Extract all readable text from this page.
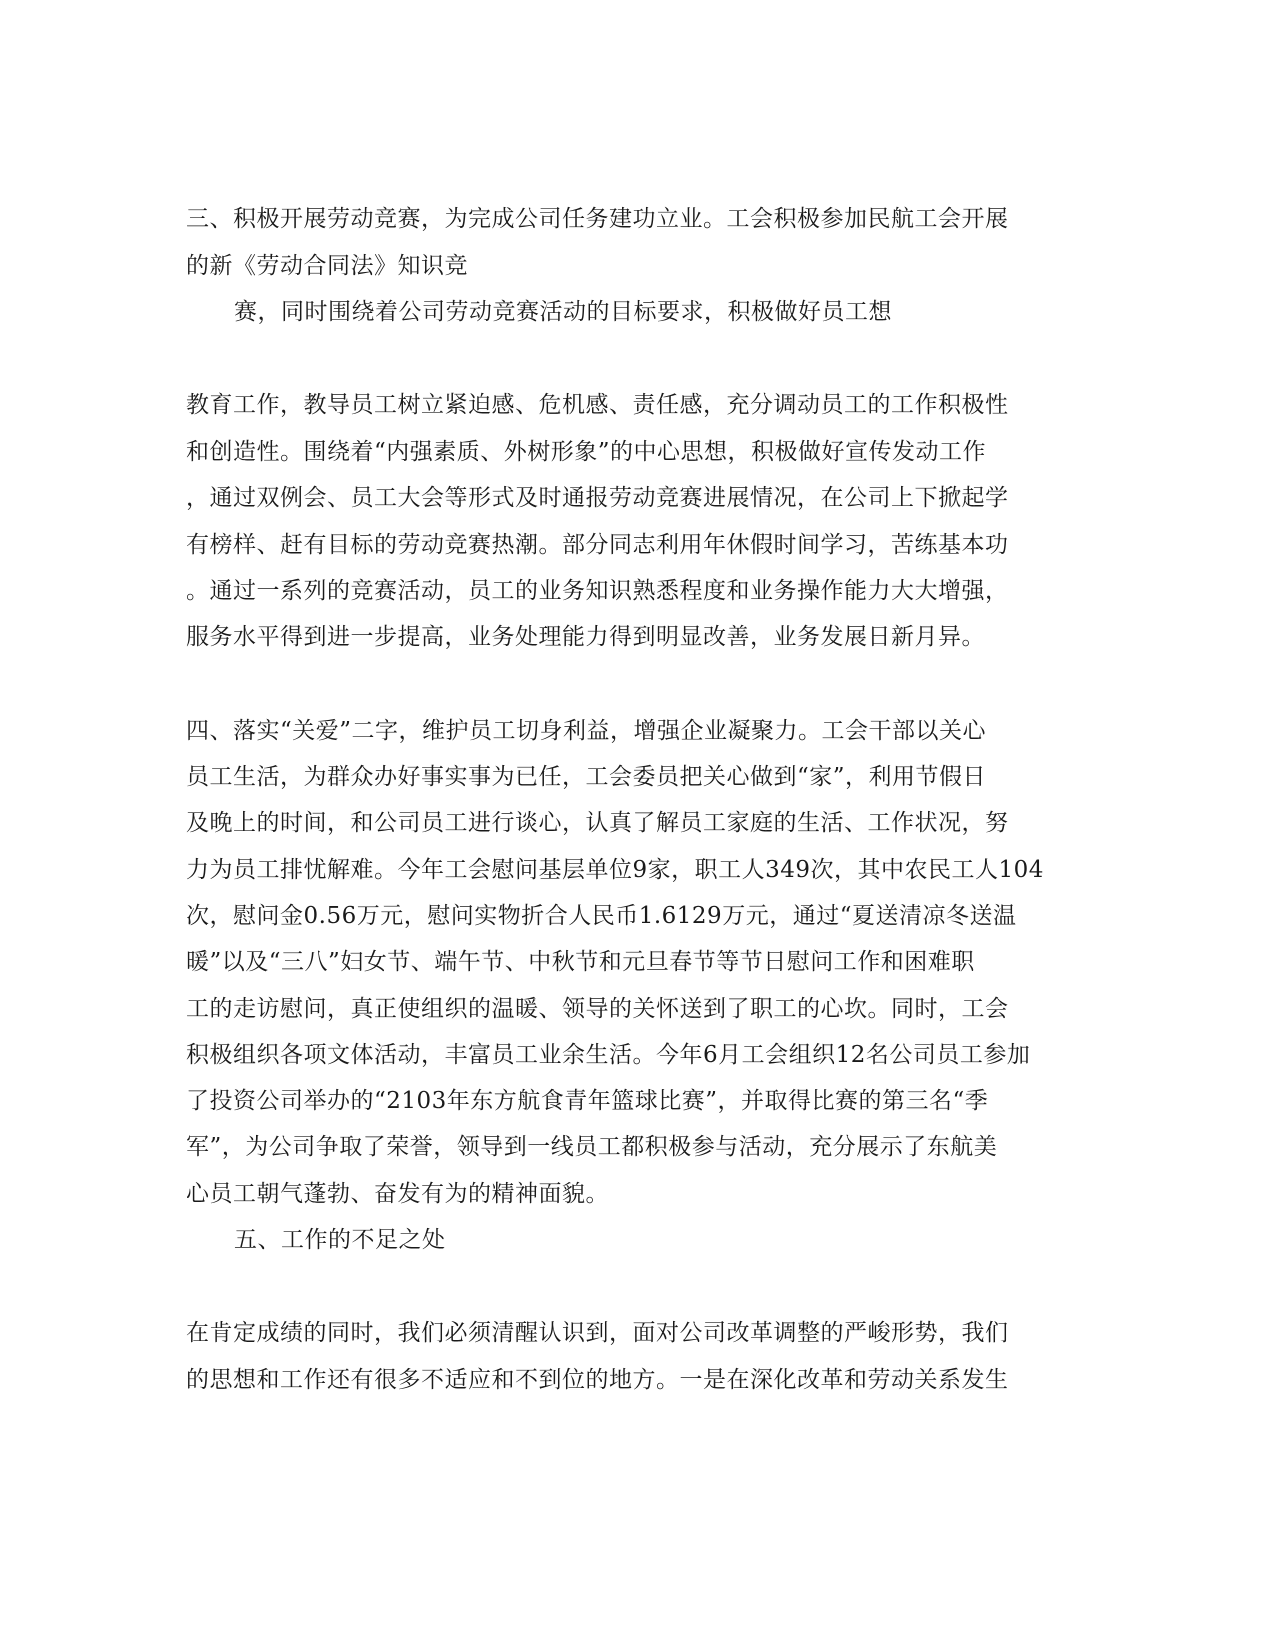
三、积极开展劳动竞赛，为完成公司任务建功立业。工会积极参加民航工会开展
的新《劳动合同法》知识竞
赛，同时围绕着公司劳动竞赛活动的目标要求，积极做好员工想
教育工作，教导员工树立紧迫感、危机感、责任感，充分调动员工的工作积极性
和创造性。围绕着“内强素质、外树形象”的中心思想，积极做好宣传发动工作
，通过双例会、员工大会等形式及时通报劳动竞赛进展情况，在公司上下掀起学
有榜样、赶有目标的劳动竞赛热潮。部分同志利用年休假时间学习，苦练基本功
。通过一系列的竞赛活动，员工的业务知识熟悉程度和业务操作能力大大增强，
服务水平得到进一步提高，业务处理能力得到明显改善，业务发展日新月异。
四、落实“关爱”二字，维护员工切身利益，增强企业凝聚力。工会干部以关心
员工生活，为群众办好事实事为已任，工会委员把关心做到“家”，利用节假日
及晚上的时间，和公司员工进行谈心，认真了解员工家庭的生活、工作状况，努
力为员工排忧解难。今年工会慰问基层单位9家，职工人349次，其中农民工人104
次，慰问金0.56万元，慰问实物折合人民币1.6129万元，通过“夏送清凉冬送温
暖”以及“三八”妇女节、端午节、中秋节和元旦春节等节日慰问工作和困难职
工的走访慰问，真正使组织的温暖、领导的关怀送到了职工的心坎。同时，工会
积极组织各项文体活动，丰富员工业余生活。今年6月工会组织12名公司员工参加
了投资公司举办的“2103年东方航食青年篮球比赛”，并取得比赛的第三名“季
军”，为公司争取了荣誉，领导到一线员工都积极参与活动，充分展示了东航美
心员工朝气蓬勃、奋发有为的精神面貌。
五、工作的不足之处
在肯定成绩的同时，我们必须清醒认识到，面对公司改革调整的严峻形势，我们
的思想和工作还有很多不适应和不到位的地方。一是在深化改革和劳动关系发生
